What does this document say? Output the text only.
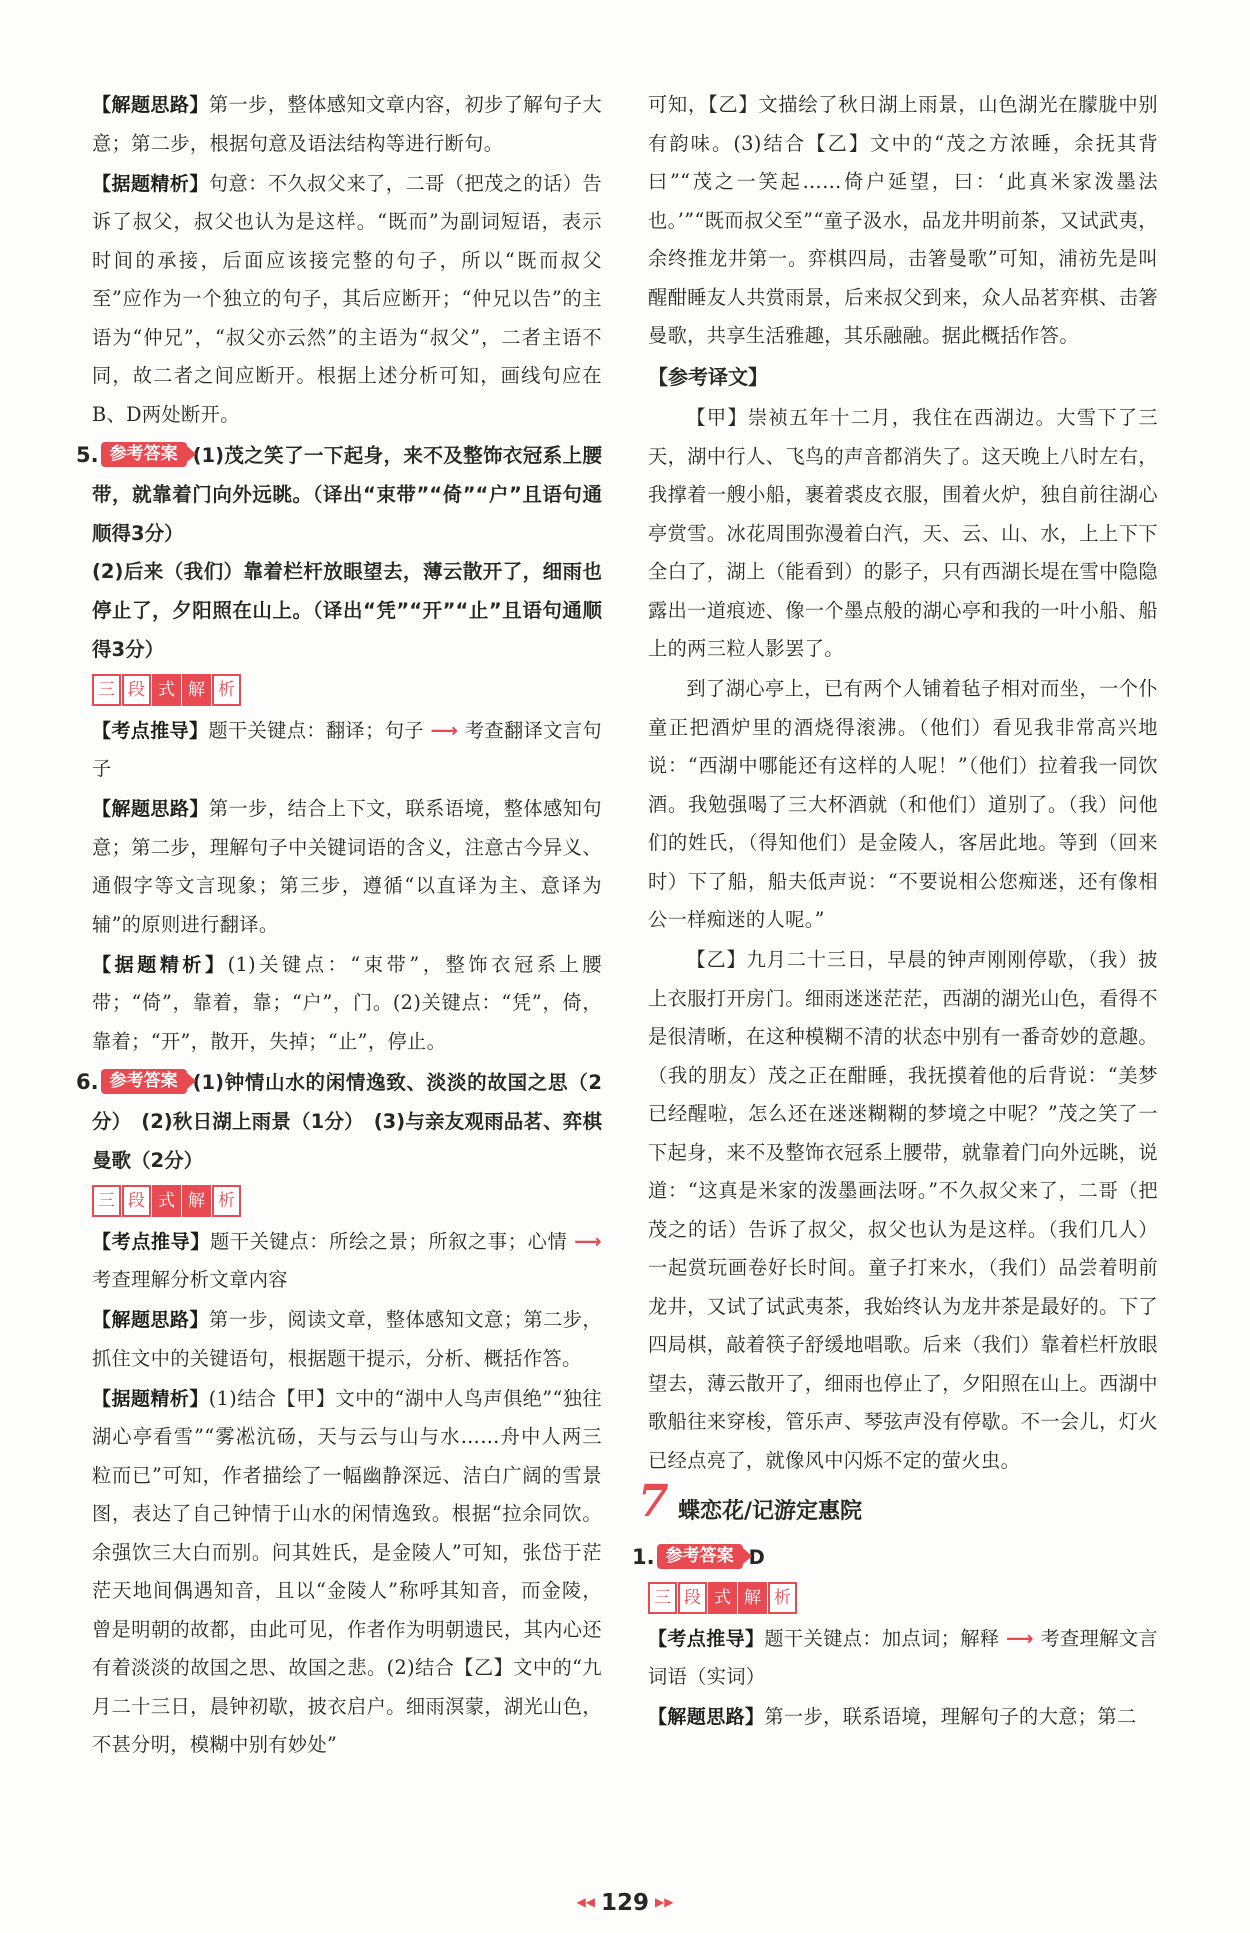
【解题思路】第一步，整体感知文章内容，初步了解句子大意；第二步，根据句意及语法结构等进行断句。

【据题精析】句意：不久叔父来了，二哥（把茂之的话）告诉了叔父，叔父也认为是这样。“既而”为副词短语，表示时间的承接，后面应该接完整的句子，所以“既而叔父至”应作为一个独立的句子，其后应断开；“仲兄以告”的主语为“仲兄”，“叔父亦云然”的主语为“叔父”，二者主语不同，故二者之间应断开。根据上述分析可知，画线句应在B、D两处断开。

5. 参考答案 (1)茂之笑了一下起身，来不及整饰衣冠系上腰带，就靠着门向外远眺。（译出“束带”“倚”“户”且语句通顺得3分）

(2)后来（我们）靠着栏杆放眼望去，薄云散开了，细雨也停止了，夕阳照在山上。（译出“凭”“开”“止”且语句通顺得3分）

三 段 式 解 析

【考点推导】题干关键点：翻译；句子 ⟶ 考查翻译文言句子

【解题思路】第一步，结合上下文，联系语境，整体感知句意；第二步，理解句子中关键词语的含义，注意古今异义、通假字等文言现象；第三步，遵循“以直译为主、意译为辅”的原则进行翻译。

【据题精析】(1)关键点：“束带”，整饰衣冠系上腰带；“倚”，靠着，靠；“户”，门。(2)关键点：“凭”，倚，靠着；“开”，散开，失掉；“止”，停止。

6. 参考答案 (1)钟情山水的闲情逸致、淡淡的故国之思（2分）　(2)秋日湖上雨景（1分）　(3)与亲友观雨品茗、弈棋曼歌（2分）

三 段 式 解 析

【考点推导】题干关键点：所绘之景；所叙之事；心情 ⟶ 考查理解分析文章内容

【解题思路】第一步，阅读文章，整体感知文意；第二步，抓住文中的关键语句，根据题干提示，分析、概括作答。

【据题精析】(1)结合【甲】文中的“湖中人鸟声俱绝”“独往湖心亭看雪”“雾凇沆砀，天与云与山与水……舟中人两三粒而已”可知，作者描绘了一幅幽静深远、洁白广阔的雪景图，表达了自己钟情于山水的闲情逸致。根据“拉余同饮。余强饮三大白而别。问其姓氏，是金陵人”可知，张岱于茫茫天地间偶遇知音，且以“金陵人”称呼其知音，而金陵，曾是明朝的故都，由此可见，作者作为明朝遗民，其内心还有着淡淡的故国之思、故国之悲。(2)结合【乙】文中的“九月二十三日，晨钟初歇，披衣启户。细雨溟蒙，湖光山色，不甚分明，模糊中别有妙处”

可知，【乙】文描绘了秋日湖上雨景，山色湖光在朦胧中别有韵味。(3)结合【乙】文中的“茂之方浓睡，余抚其背曰”“茂之一笑起……倚户延望，曰：‘此真米家泼墨法也。’”“既而叔父至”“童子汲水，品龙井明前茶，又试武夷，余终推龙井第一。弈棋四局，击箸曼歌”可知，浦祊先是叫醒酣睡友人共赏雨景，后来叔父到来，众人品茗弈棋、击箸曼歌，共享生活雅趣，其乐融融。据此概括作答。

【参考译文】

【甲】崇祯五年十二月，我住在西湖边。大雪下了三天，湖中行人、飞鸟的声音都消失了。这天晚上八时左右，我撑着一艘小船，裹着裘皮衣服，围着火炉，独自前往湖心亭赏雪。冰花周围弥漫着白汽，天、云、山、水，上上下下全白了，湖上（能看到）的影子，只有西湖长堤在雪中隐隐露出一道痕迹、像一个墨点般的湖心亭和我的一叶小船、船上的两三粒人影罢了。

到了湖心亭上，已有两个人铺着毡子相对而坐，一个仆童正把酒炉里的酒烧得滚沸。（他们）看见我非常高兴地说：“西湖中哪能还有这样的人呢！”（他们）拉着我一同饮酒。我勉强喝了三大杯酒就（和他们）道别了。（我）问他们的姓氏，（得知他们）是金陵人，客居此地。等到（回来时）下了船，船夫低声说：“不要说相公您痴迷，还有像相公一样痴迷的人呢。”

【乙】九月二十三日，早晨的钟声刚刚停歇，（我）披上衣服打开房门。细雨迷迷茫茫，西湖的湖光山色，看得不是很清晰，在这种模糊不清的状态中别有一番奇妙的意趣。（我的朋友）茂之正在酣睡，我抚摸着他的后背说：“美梦已经醒啦，怎么还在迷迷糊糊的梦境之中呢？”茂之笑了一下起身，来不及整饰衣冠系上腰带，就靠着门向外远眺，说道：“这真是米家的泼墨画法呀。”不久叔父来了，二哥（把茂之的话）告诉了叔父，叔父也认为是这样。（我们几人）一起赏玩画卷好长时间。童子打来水，（我们）品尝着明前龙井，又试了试武夷茶，我始终认为龙井茶是最好的。下了四局棋，敲着筷子舒缓地唱歌。后来（我们）靠着栏杆放眼望去，薄云散开了，细雨也停止了，夕阳照在山上。西湖中歌船往来穿梭，管乐声、琴弦声没有停歇。不一会儿，灯火已经点亮了，就像风中闪烁不定的萤火虫。

7 蝶恋花/记游定惠院

1. 参考答案 D

三 段 式 解 析

【考点推导】题干关键点：加点词；解释 ⟶ 考查理解文言词语（实词）

【解题思路】第一步，联系语境，理解句子的大意；第二

◀◀ 129 ▶▶
